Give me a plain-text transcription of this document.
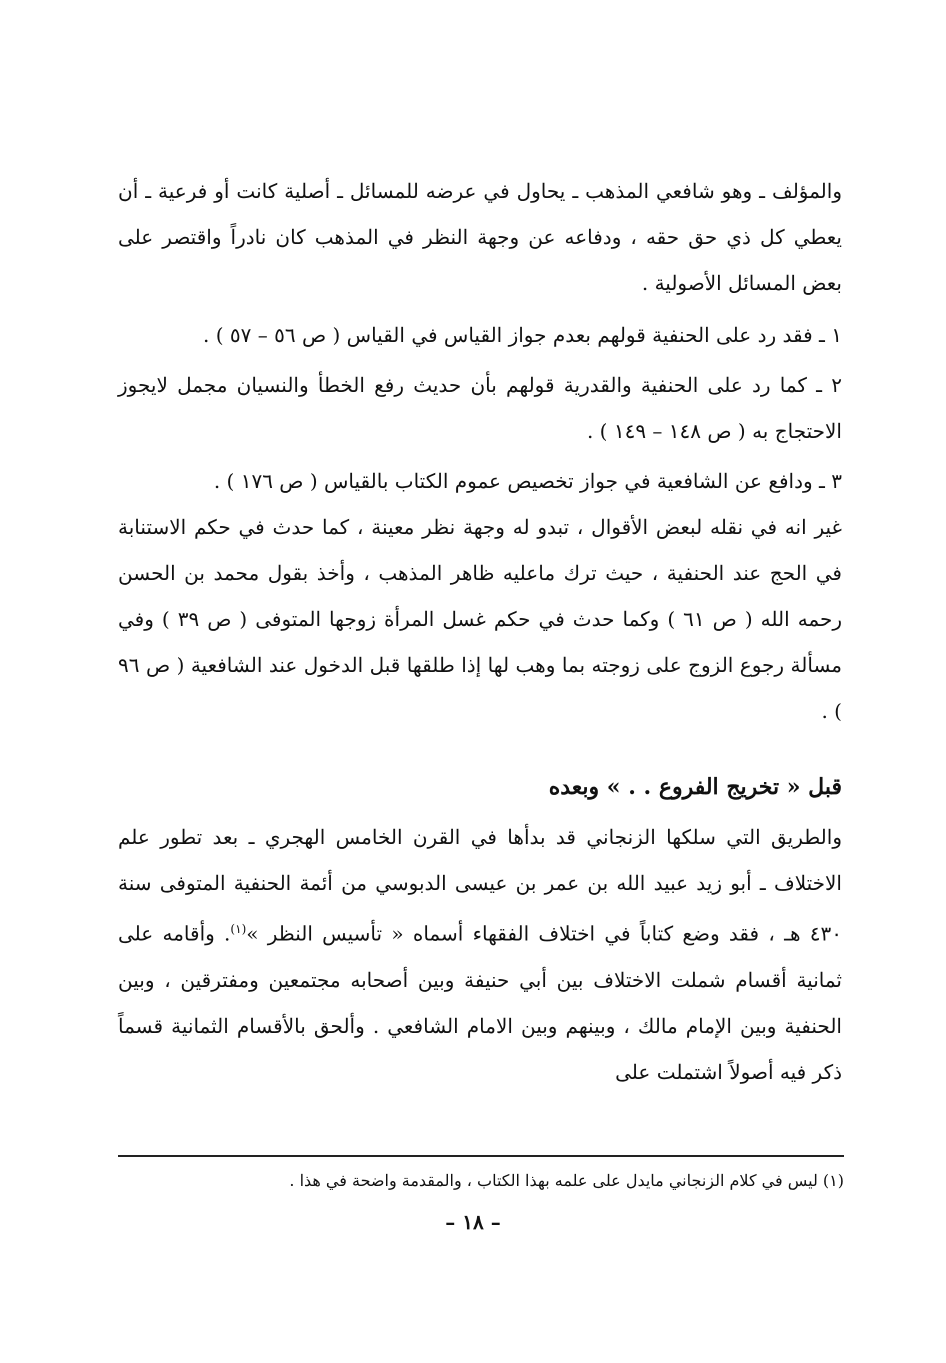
والمؤلف ـ وهو شافعي المذهب ـ يحاول في عرضه للمسائل ـ أصلية كانت أو فرعية ـ أن يعطي كل ذي حق حقه ، ودفاعه عن وجهة النظر في المذهب كان نادراً واقتصر على بعض المسائل الأصولية .

١ ـ فقد رد على الحنفية قولهم بعدم جواز القياس في القياس ( ص ٥٦ – ٥٧ ) .

٢ ـ كما رد على الحنفية والقدرية قولهم بأن حديث رفع الخطأ والنسيان مجمل لايجوز الاحتجاج به ( ص ١٤٨ – ١٤٩ ) .

٣ ـ ودافع عن الشافعية في جواز تخصيص عموم الكتاب بالقياس ( ص ١٧٦ ) .

غير انه في نقله لبعض الأقوال ، تبدو له وجهة نظر معينة ، كما حدث في حكم الاستنابة في الحج عند الحنفية ، حيث ترك ماعليه ظاهر المذهب ، وأخذ بقول محمد بن الحسن رحمه الله ( ص ٦١ ) وكما حدث في حكم غسل المرأة زوجها المتوفى ( ص ٣٩ ) وفي مسألة رجوع الزوج على زوجته بما وهب لها إذا طلقها قبل الدخول عند الشافعية ( ص ٩٦ ) .

قبل « تخريج الفروع . . » وبعده

والطريق التي سلكها الزنجاني قد بدأها في القرن الخامس الهجري ـ بعد تطور علم الاختلاف ـ أبو زيد عبيد الله بن عمر بن عيسى الدبوسي من أئمة الحنفية المتوفى سنة ٤٣٠ هـ ، فقد وضع كتاباً في اختلاف الفقهاء أسماه « تأسيس النظر »$^{(١)}$. وأقامه على ثمانية أقسام شملت الاختلاف بين أبي حنيفة وبين أصحابه مجتمعين ومفترقين ، وبين الحنفية وبين الإمام مالك ، وبينهم وبين الامام الشافعي . وألحق بالأقسام الثمانية قسماً ذكر فيه أصولاً اشتملت على

(١) ليس في كلام الزنجاني مايدل على علمه بهذا الكتاب ، والمقدمة واضحة في هذا .

– ١٨ –
